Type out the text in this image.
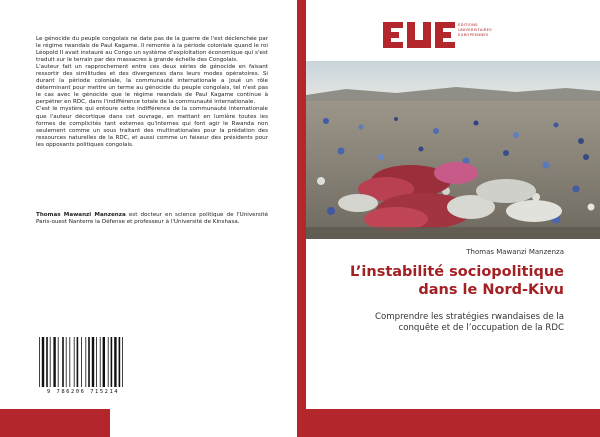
Le génocide du peuple congolais ne date pas de la guerre de l'est déclenchée par le régime rwandais de Paul Kagame. Il remonte à la période coloniale quand le roi Léopold II avait instauré au Congo un système d'exploitation économique qui s'est traduit sur le terrain par des massacres à grande échelle des Congolais.

L'auteur fait un rapprochement entre ces deux séries de génocide en faisant ressortir des similitudes et des divergences dans leurs modes opératoires. Si durant la période coloniale, la communauté internationale a joué un rôle déterminant pour mettre un terme au génocide du peuple congolais, tel n'est pas le cas avec le génocide que le régime rwandais de Paul Kagame continue à perpétrer en RDC, dans l'indifférence totale de la communauté internationale.

C'est le mystère qui entoure cette indifférence de la communauté internationale que l'auteur décortique dans cet ouvrage, en mettant en lumière toutes les formes de complicités tant externes qu'internes qui font agir le Rwanda non seulement comme un sous traitant des multinationales pour la prédation des ressources naturelles de la RDC, et aussi comme un faiseur des présidents pour les opposants politiques congolais.

Thomas Mawanzi Manzenza est docteur en science politique de l'Université Paris-ouest Nanterre la Défense et professeur à l'Université de Kinshasa.
9 786206 715214
ÉDITIONS
UNIVERSITAIRES
EUROPÉENNES
Thomas Mawanzi Manzenza
L’instabilité sociopolitique
dans le Nord-Kivu
Comprendre les stratégies rwandaises de la
conquête et de l’occupation de la RDC
